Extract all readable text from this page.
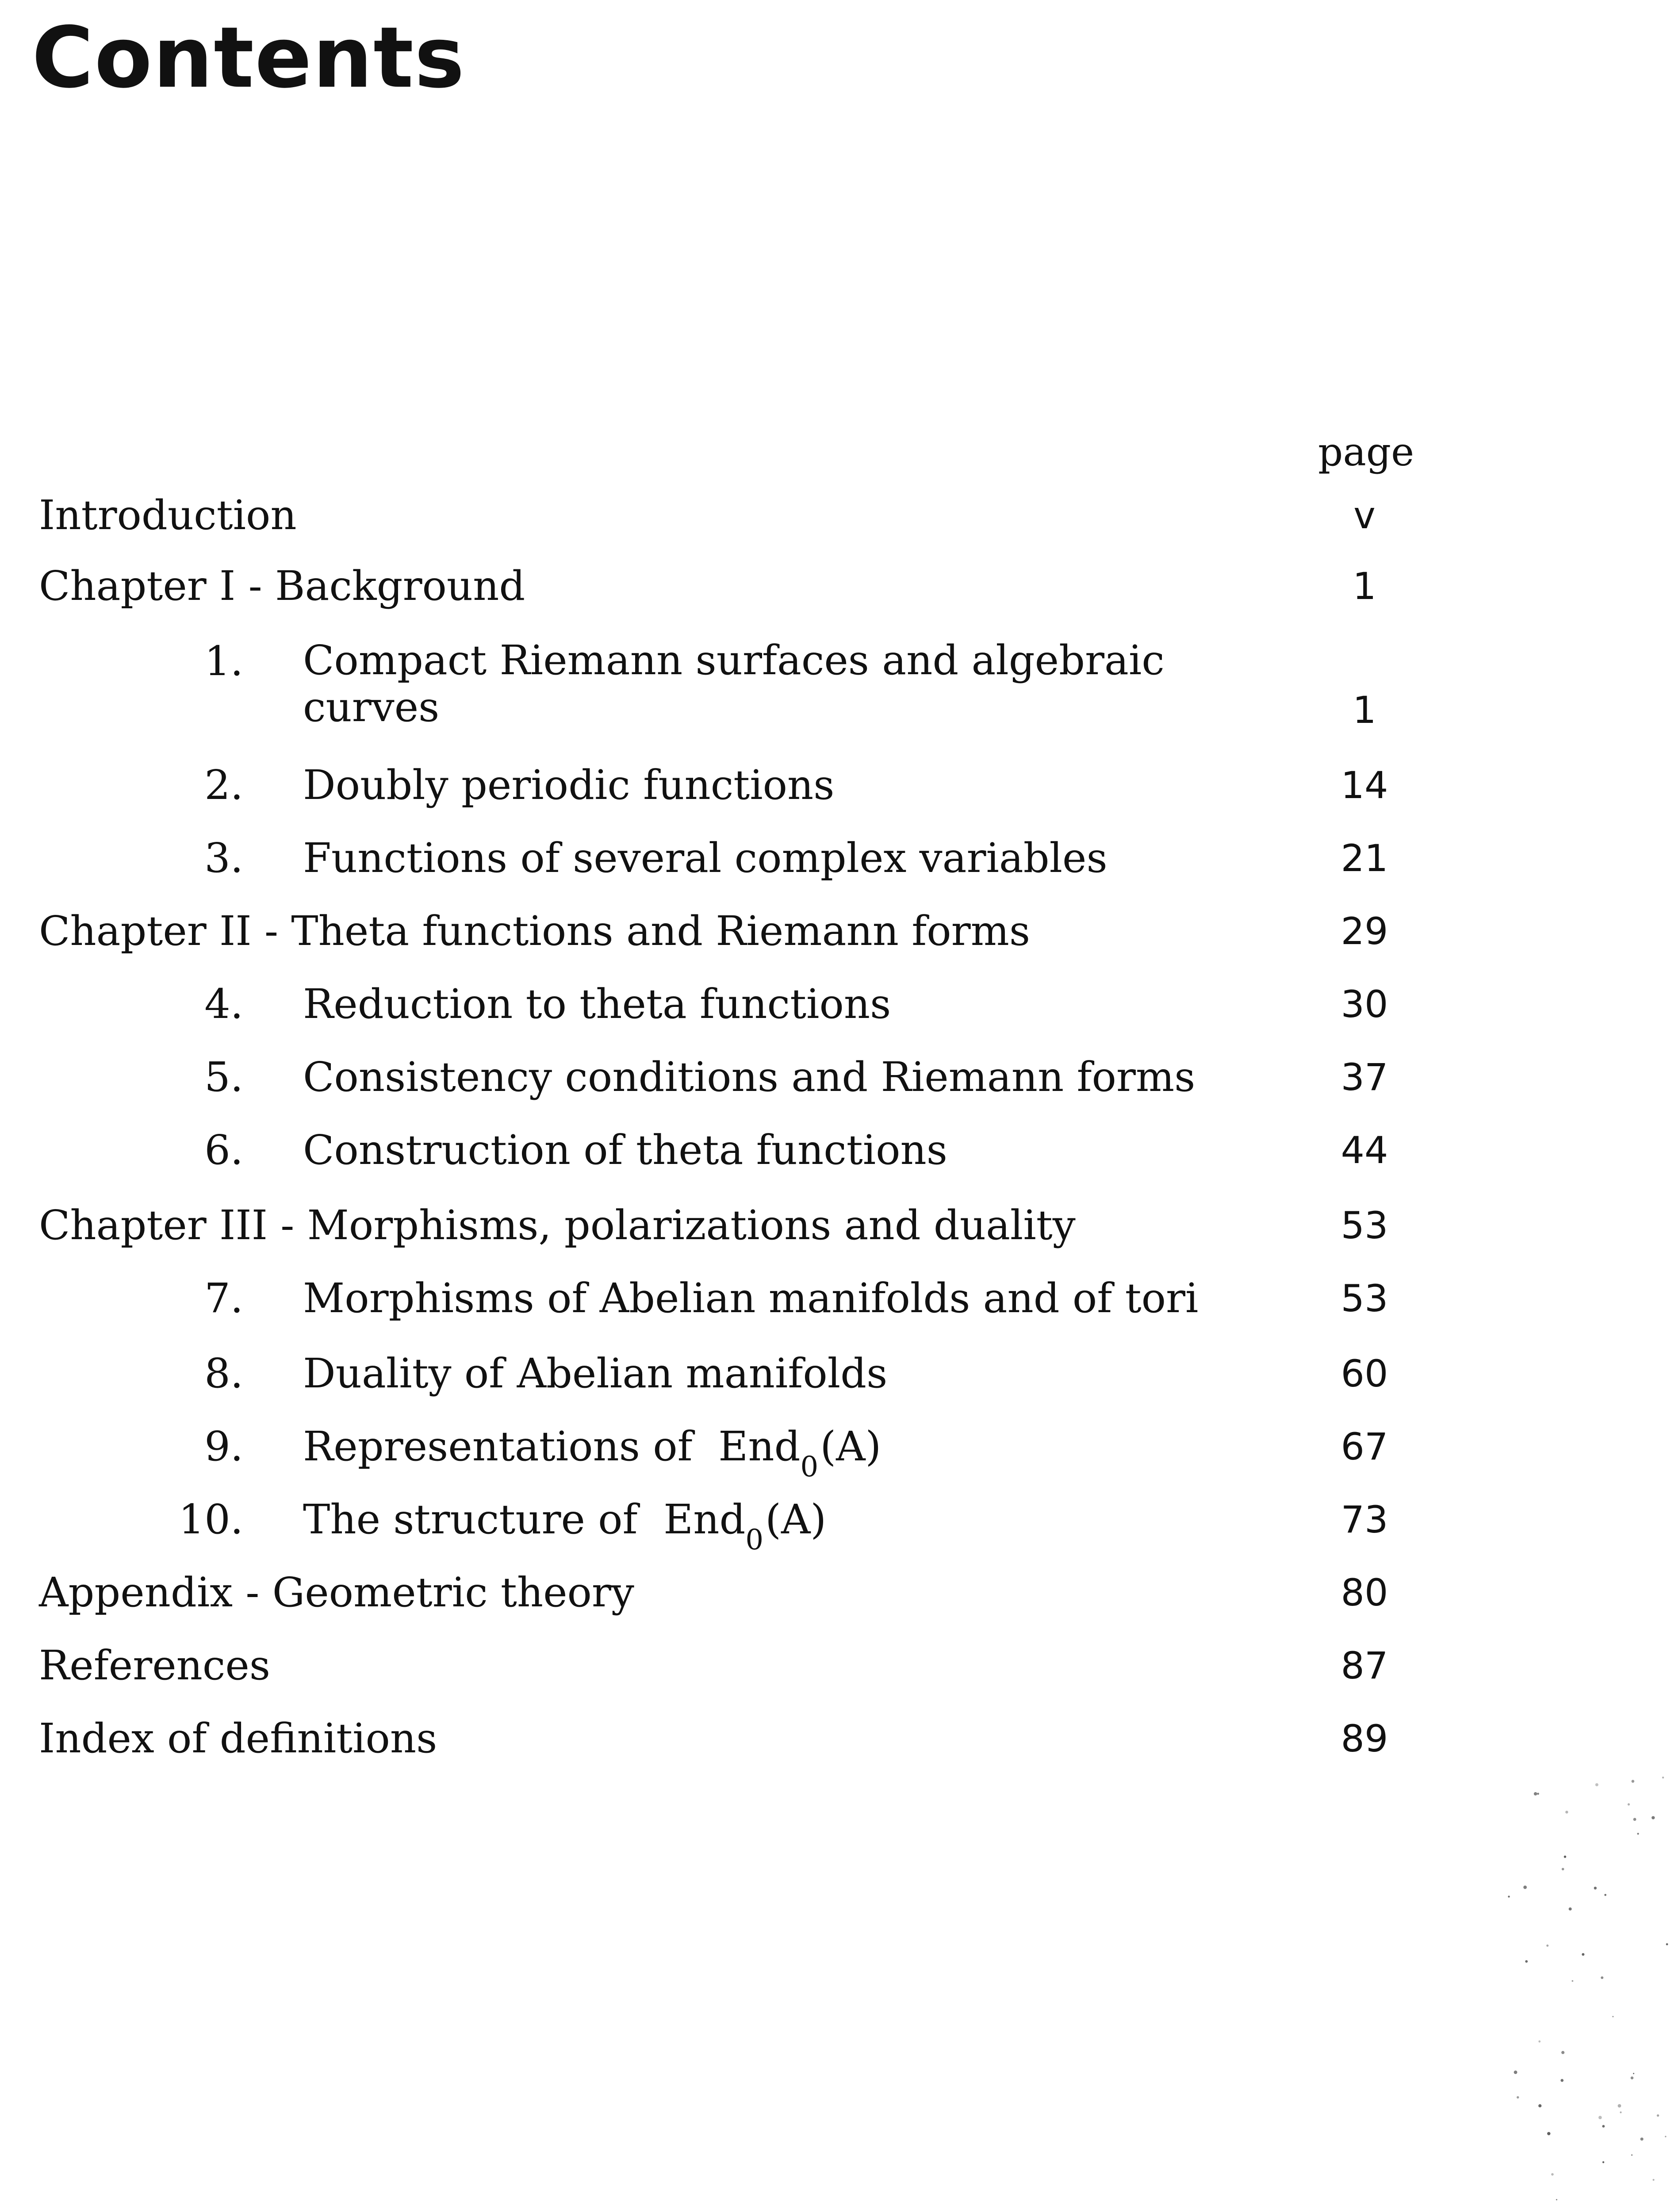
Contents
page
Introduction	v
Chapter I - Background	1
1. Compact Riemann surfaces and algebraic
curves	1
2. Doubly periodic functions	14
3. Functions of several complex variables	21
Chapter II - Theta functions and Riemann forms	29
4. Reduction to theta functions	30
5. Consistency conditions and Riemann forms	37
6. Construction of theta functions	44
Chapter III - Morphisms, polarizations and duality	53
7. Morphisms of Abelian manifolds and of tori	53
8. Duality of Abelian manifolds	60
9. Representations of  End$_0$(A)	67
10. The structure of  End$_0$(A)	73
Appendix - Geometric theory	80
References	87
Index of definitions	89
